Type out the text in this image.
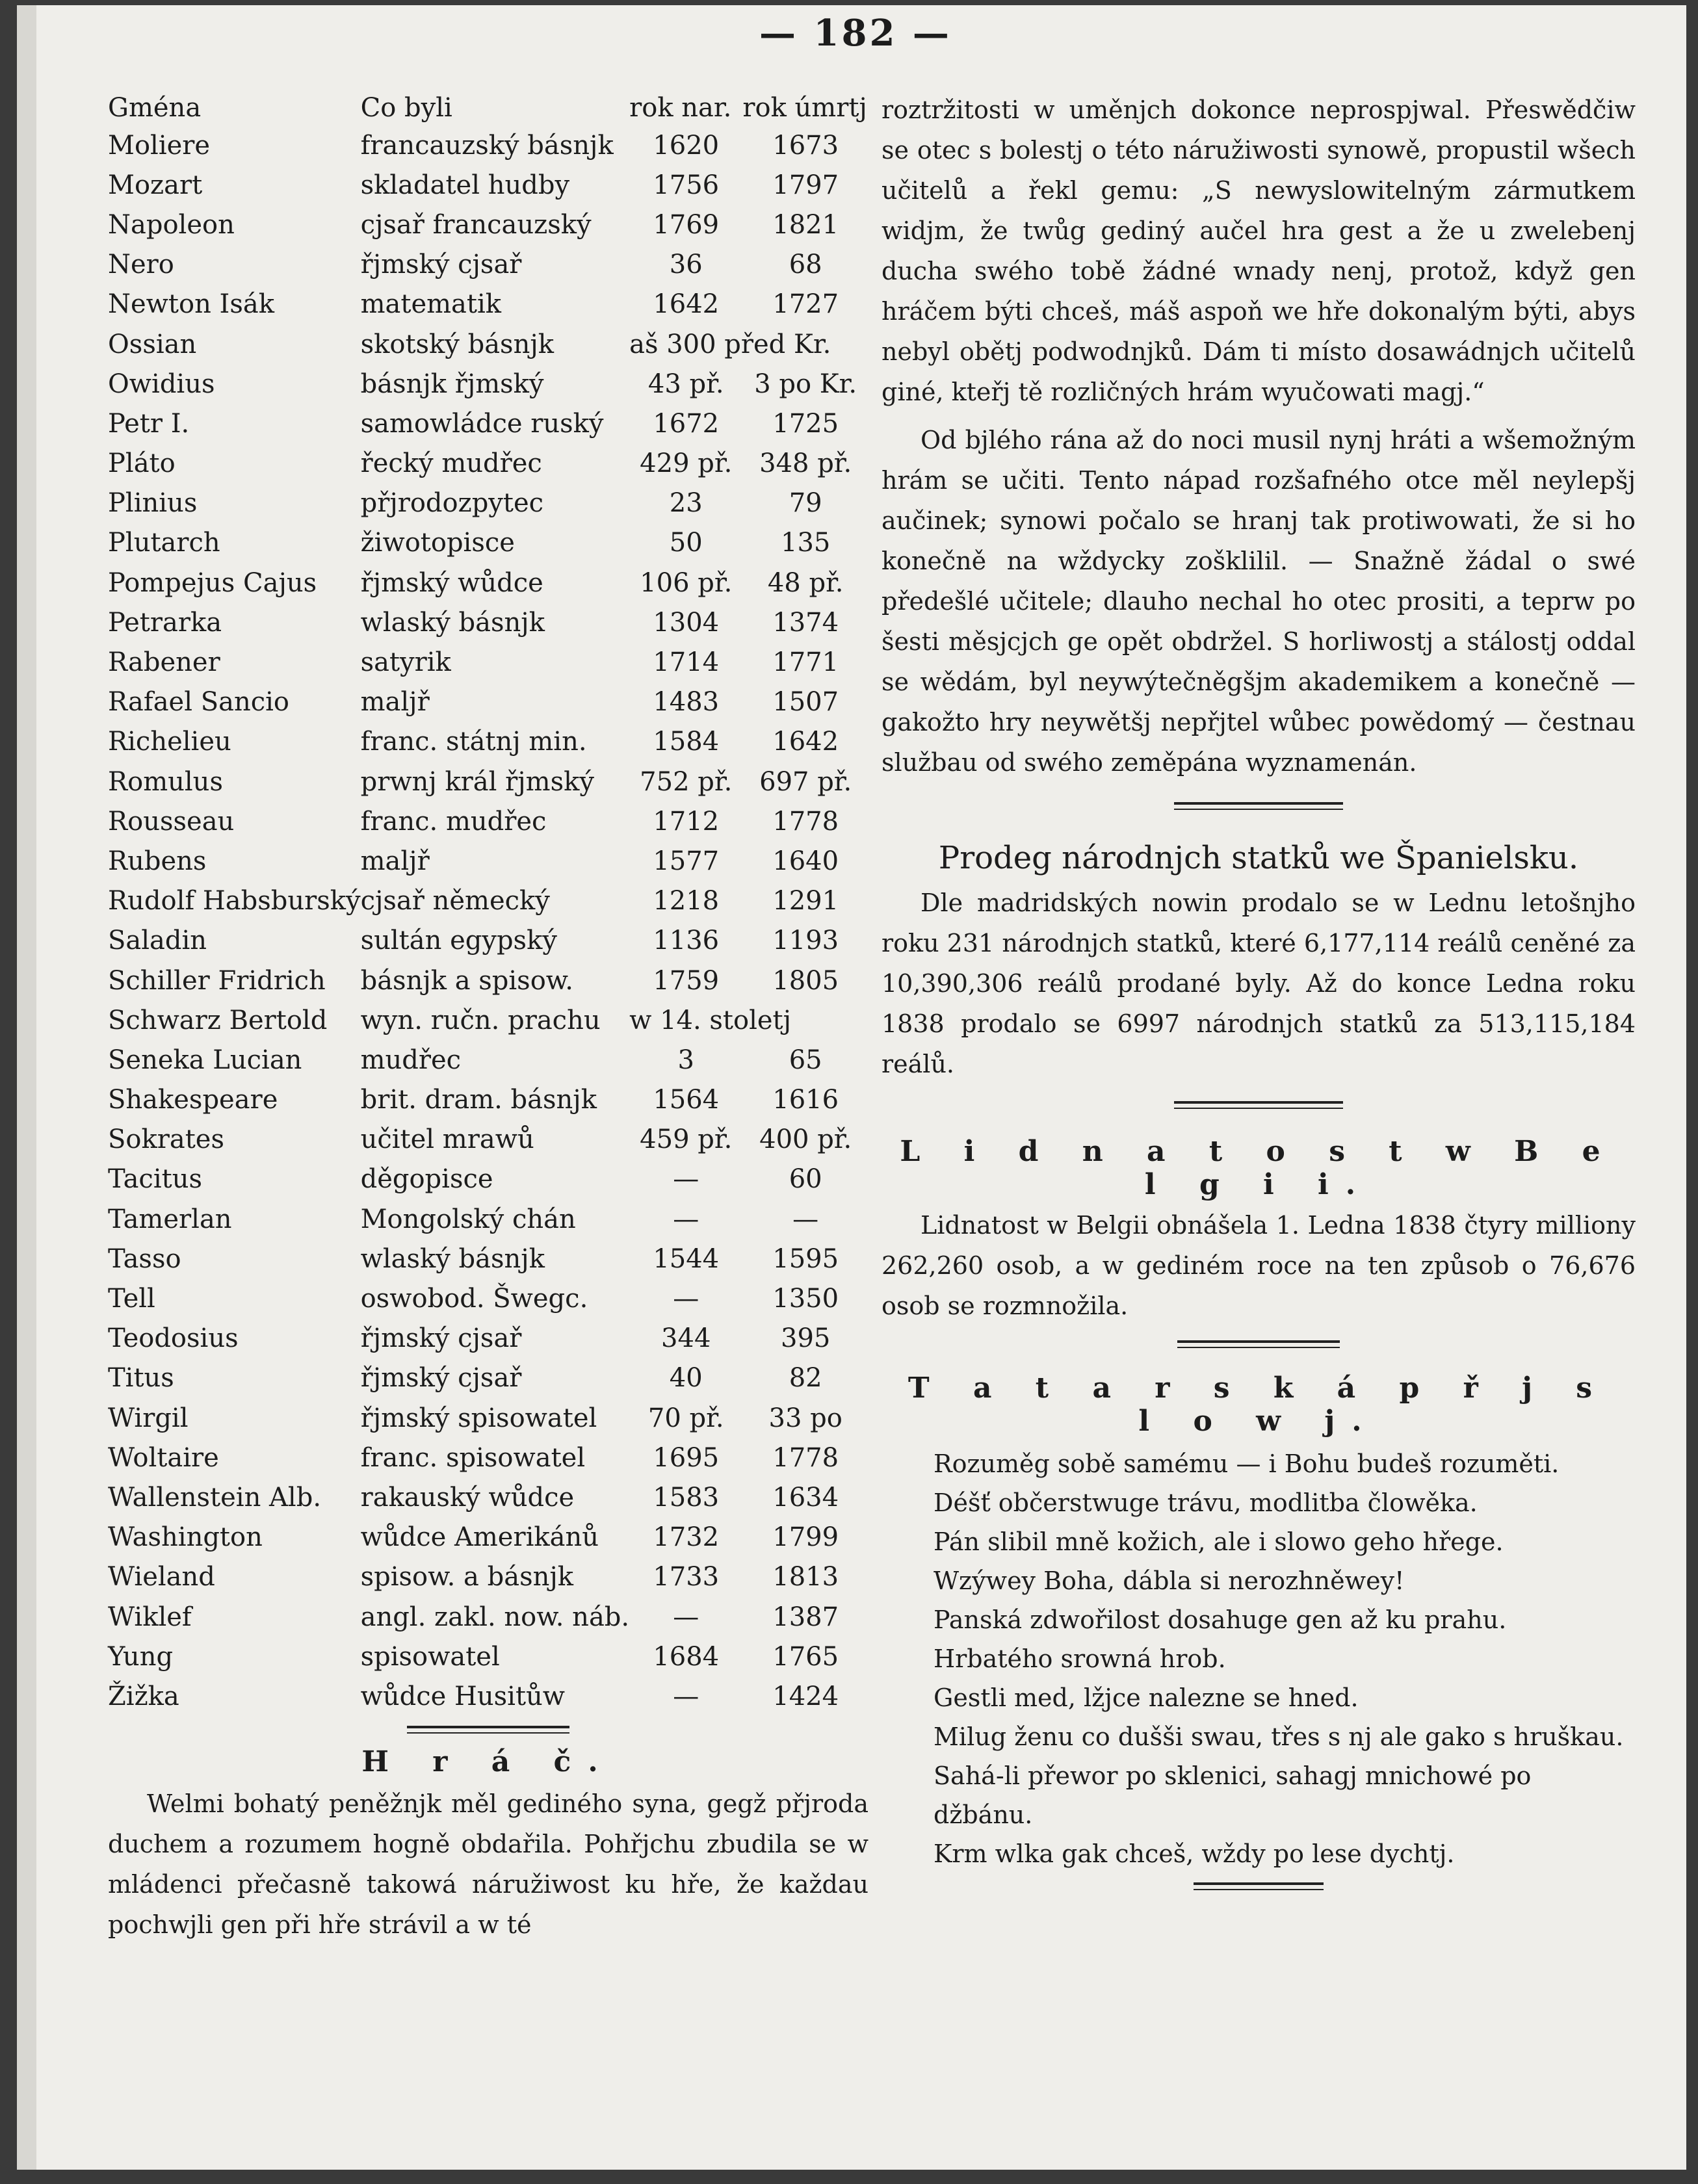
— 182 —
Gména	Co byli	rok nar.	rok úmrtj
Moliere	francauzský básnjk	1620	1673
Mozart	skladatel hudby	1756	1797
Napoleon	cjsař francauzský	1769	1821
Nero	řjmský cjsař	36	68
Newton Isák	matematik	1642	1727
Ossian	skotský básnjk	aš 300 před Kr.	
Owidius	básnjk řjmský	43 př.	3 po Kr.
Petr I.	samowládce ruský	1672	1725
Pláto	řecký mudřec	429 př.	348 př.
Plinius	přjrodozpytec	23	79
Plutarch	žiwotopisce	50	135
Pompejus Cajus	řjmský wůdce	106 př.	48 př.
Petrarka	wlaský básnjk	1304	1374
Rabener	satyrik	1714	1771
Rafael Sancio	maljř	1483	1507
Richelieu	franc. státnj min.	1584	1642
Romulus	prwnj král řjmský	752 př.	697 př.
Rousseau	franc. mudřec	1712	1778
Rubens	maljř	1577	1640
Rudolf Habsburský	cjsař německý	1218	1291
Saladin	sultán egypský	1136	1193
Schiller Fridrich	básnjk a spisow.	1759	1805
Schwarz Bertold	wyn. ručn. prachu	w 14. stoletj	
Seneka Lucian	mudřec	3	65
Shakespeare	brit. dram. básnjk	1564	1616
Sokrates	učitel mrawů	459 př.	400 př.
Tacitus	děgopisce	—	60
Tamerlan	Mongolský chán	—	—
Tasso	wlaský básnjk	1544	1595
Tell	oswobod. Šwegc.	—	1350
Teodosius	řjmský cjsař	344	395
Titus	řjmský cjsař	40	82
Wirgil	řjmský spisowatel	70 př.	33 po
Woltaire	franc. spisowatel	1695	1778
Wallenstein Alb.	rakauský wůdce	1583	1634
Washington	wůdce Amerikánů	1732	1799
Wieland	spisow. a básnjk	1733	1813
Wiklef	angl. zakl. now. náb.	—	1387
Yung	spisowatel	1684	1765
Žižka	wůdce Husitůw	—	1424

H r á č.

Welmi bohatý peněžnjk měl gediného syna, gegž přjroda duchem a rozumem hogně obdařila. Pohřjchu zbudila se w mládenci přečasně takowá náružiwost ku hře, že každau pochwjli gen při hře strávil a w té

roztržitosti w uměnjch dokonce neprospjwal. Přeswědčiw se otec s bolestj o této náružiwosti synowě, propustil wšech učitelů a řekl gemu: „S newyslowitelným zármutkem widjm, že twůg gediný aučel hra gest a že u zwelebenj ducha swého tobě žádné wnady nenj, protož, když gen hráčem býti chceš, máš aspoň we hře dokonalým býti, abys nebyl obětj podwodnjků. Dám ti místo dosawádnjch učitelů giné, kteřj tě rozličných hrám wyučowati magj.“

Od bjlého rána až do noci musil nynj hráti a wšemožným hrám se učiti. Tento nápad rozšafného otce měl neylepšj aučinek; synowi počalo se hranj tak protiwowati, že si ho konečně na wždycky zošklilil. — Snažně žádal o swé předešlé učitele; dlauho nechal ho otec prositi, a teprw po šesti měsjcjch ge opět obdržel. S horliwostj a stálostj oddal se wědám, byl neywýtečněgšjm akademikem a konečně — gakožto hry neywětšj nepřjtel wůbec powědomý — čestnau službau od swého zeměpána wyznamenán.

Prodeg národnjch statků we Španielsku.

Dle madridských nowin prodalo se w Lednu letošnjho roku 231 národnjch statků, které 6,177,114 reálů ceněné za 10,390,306 reálů prodané byly. Až do konce Ledna roku 1838 prodalo se 6997 národnjch statků za 513,115,184 reálů.

L i d n a t o s t w B e l g i i.

Lidnatost w Belgii obnášela 1. Ledna 1838 čtyry milliony 262,260 osob, a w gediném roce na ten způsob o 76,676 osob se rozmnožila.

T a t a r s k á p ř j s l o w j.

Rozuměg sobě samému — i Bohu budeš rozuměti.
Déšť občerstwuge trávu, modlitba člowěka.
Pán slibil mně kožich, ale i slowo geho hřege.
Wzýwey Boha, dábla si nerozhněwey!
Panská zdwořilost dosahuge gen až ku prahu.
Hrbatého srowná hrob.
Gestli med, lžjce nalezne se hned.
Milug ženu co dušši swau, třes s nj ale gako s hruškau.
Sahá-li přewor po sklenici, sahagj mnichowé po džbánu.
Krm wlka gak chceš, wždy po lese dychtj.
